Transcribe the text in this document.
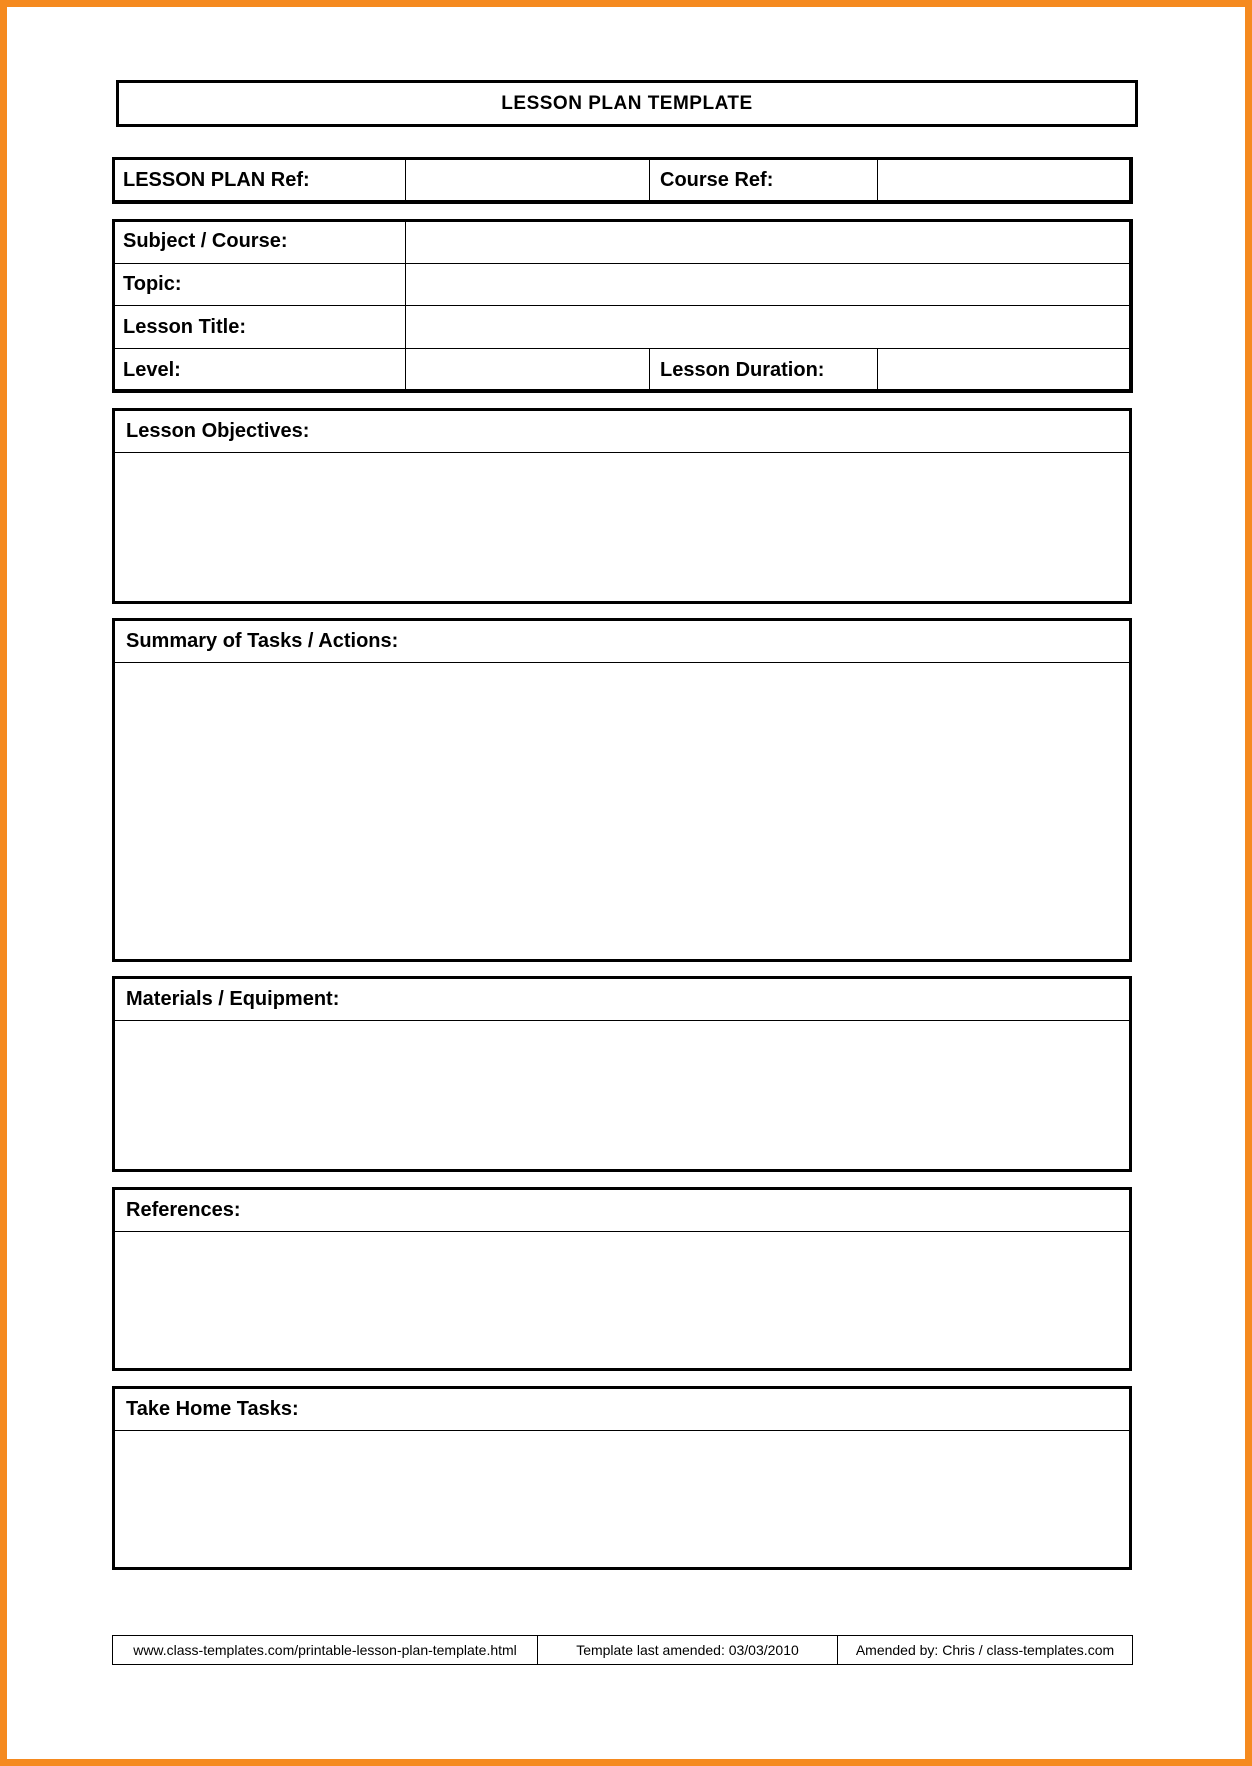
LESSON PLAN TEMPLATE
LESSON PLAN Ref:		Course Ref:	
Subject / Course:			
Topic:			
Lesson Title:			
Level:		Lesson Duration:	
Lesson Objectives:
Summary of Tasks / Actions:
Materials / Equipment:
References:
Take Home Tasks:
www.class-templates.com/printable-lesson-plan-template.html	Template last amended: 03/03/2010	Amended by: Chris / class-templates.com
